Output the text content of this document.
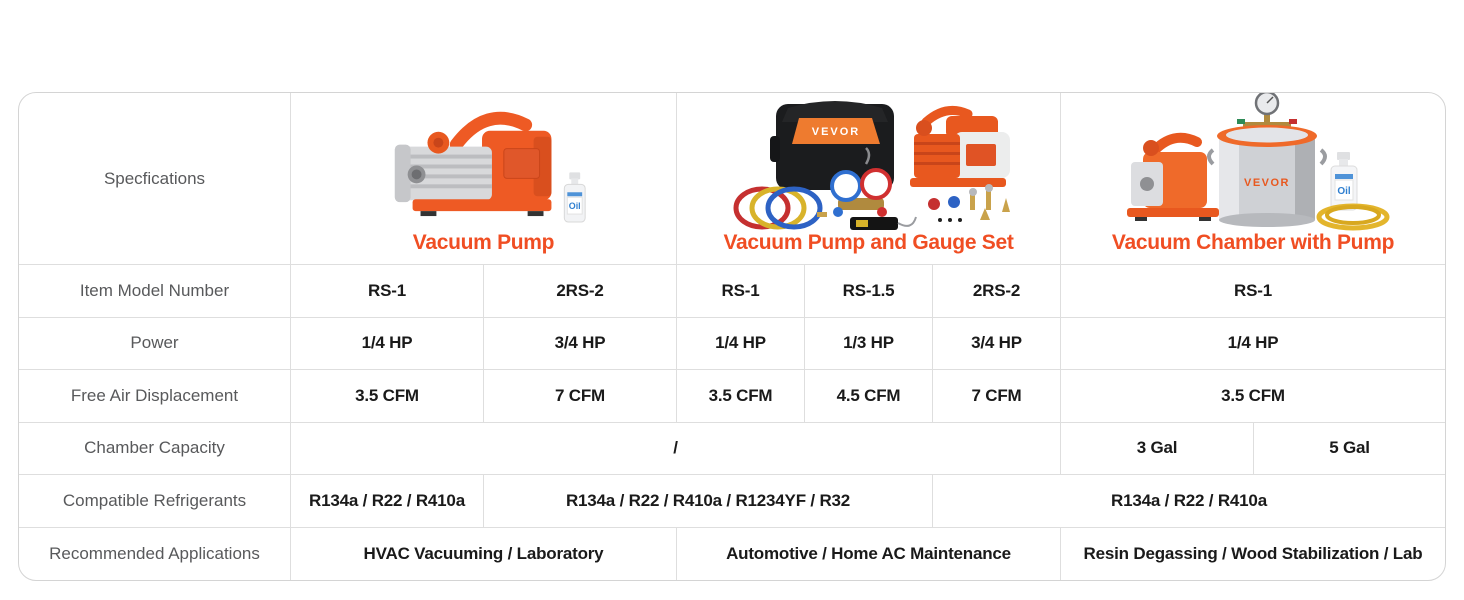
Specfications
Oil
Vacuum Pump
VEVOR
Vacuum Pump and Gauge Set
VEVOR
Oil
Vacuum Chamber with Pump
Item Model Number	RS-1	2RS-2	RS-1	RS-1.5	2RS-2	RS-1
Power	1/4 HP	3/4 HP	1/4 HP	1/3 HP	3/4 HP	1/4 HP
Free Air Displacement	3.5 CFM	7 CFM	3.5 CFM	4.5 CFM	7 CFM	3.5 CFM
Chamber Capacity	/	3 Gal	5 Gal
Compatible Refrigerants	R134a / R22 / R410a	R134a / R22 / R410a / R1234YF / R32	R134a / R22 / R410a
Recommended Applications	HVAC Vacuuming / Laboratory	Automotive / Home AC Maintenance	Resin Degassing / Wood Stabilization / Lab
